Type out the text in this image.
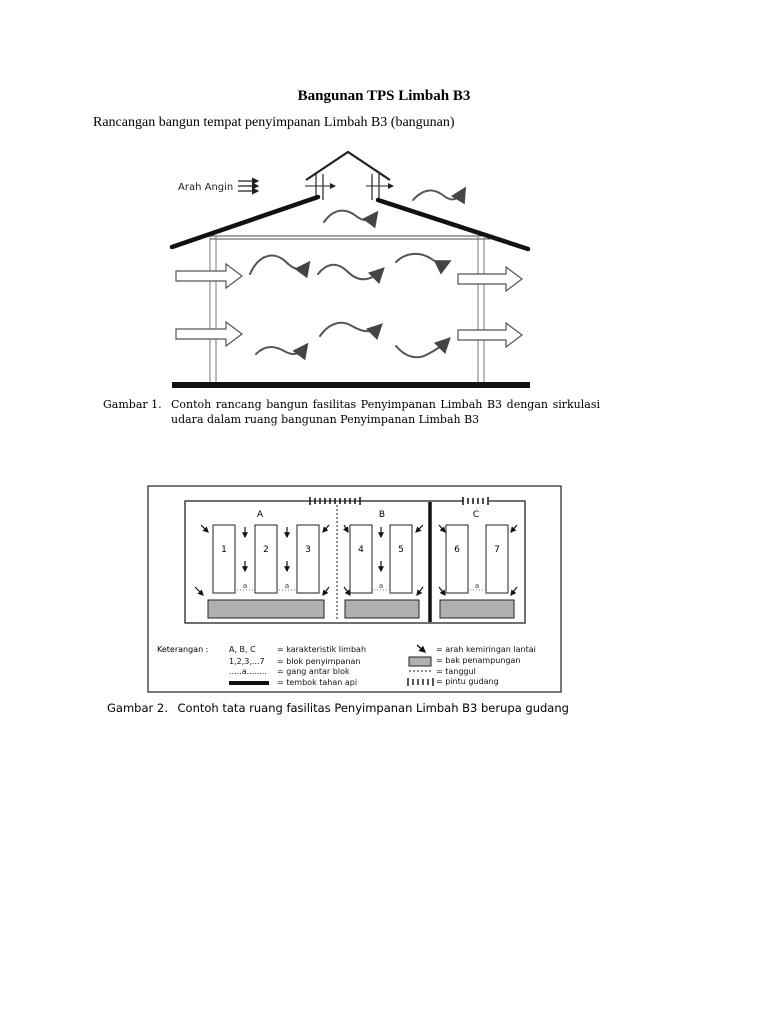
Bangunan TPS Limbah B3
Rancangan bangun tempat penyimpanan Limbah B3 (bangunan)
Arah Angin
Gambar 1. Contoh rancang bangun fasilitas Penyimpanan Limbah B3 dengan sirkulasi udara dalam ruang bangunan Penyimpanan Limbah B3
A	B	C
1	2	3	4	5	6	7
a	a	a	a
Keterangan :	A, B, C	= karakteristik limbah
1,2,3,...7 = blok penyimpanan
.....a........ = gang antar blok
= tembok tahan api
= arah kemiringan lantai
= bak penampungan
= tanggul
= pintu gudang
Gambar 2. Contoh tata ruang fasilitas Penyimpanan Limbah B3 berupa gudang
